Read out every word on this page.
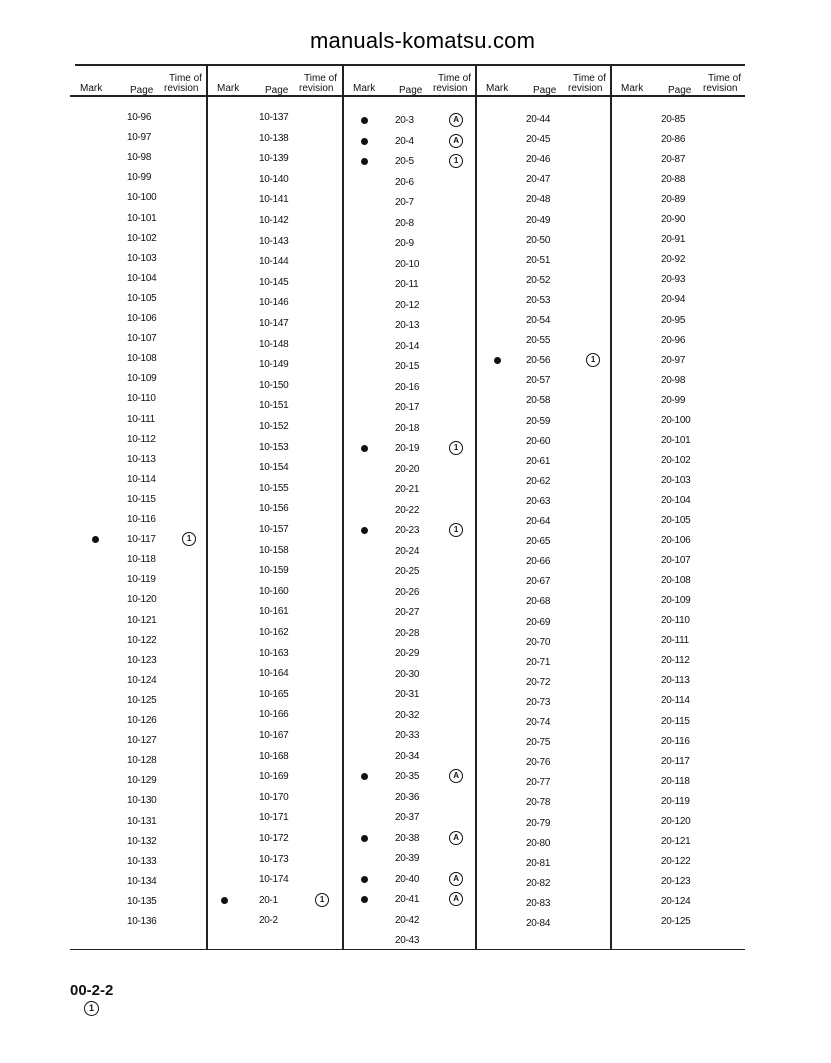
Mark	Page
Time of
revision
10-96
10-97
10-98
10-99
10-100
10-101
10-102
10-103
10-104
10-105
10-106
10-107
10-108
10-109
10-110
10-111
10-112
10-113
10-114
10-115
10-116
10-117	1
10-118
10-119
10-120
10-121
10-122
10-123
10-124
10-125
10-126
10-127
10-128
10-129
10-130
10-131
10-132
10-133
10-134
10-135
10-136
Mark	Page
Time of
revision
10-137
10-138
10-139
10-140
10-141
10-142
10-143
10-144
10-145
10-146
10-147
10-148
10-149
10-150
10-151
10-152
10-153
10-154
10-155
10-156
10-157
10-158
10-159
10-160
10-161
10-162
10-163
10-164
10-165
10-166
10-167
10-168
10-169
10-170
10-171
10-172
10-173
10-174
20-1	1
20-2
Mark Page
Time of
revision
20-3	A
20-4	A
20-5	1
20-6
20-7
20-8
20-9
20-10
20-11
20-12
20-13
20-14
20-15
20-16
20-17
20-18
20-19	1
20-20
20-21
20-22
20-23	1
20-24
20-25
20-26
20-27
20-28
20-29
20-30
20-31
20-32
20-33
20-34
20-35	A
20-36
20-37
20-38	A
20-39
20-40	A
20-41	A
20-42
20-43
Mark Page
Time of
revision
20-44
20-45
20-46
20-47
20-48
20-49
20-50
20-51
20-52
20-53
20-54
20-55
20-56	1
20-57
20-58
20-59
20-60
20-61
20-62
20-63
20-64
20-65
20-66
20-67
20-68
20-69
20-70
20-71
20-72
20-73
20-74
20-75
20-76
20-77
20-78
20-79
20-80
20-81
20-82
20-83
20-84
Mark Page
Time of
revision
20-85
20-86
20-87
20-88
20-89
20-90
20-91
20-92
20-93
20-94
20-95
20-96
20-97
20-98
20-99
20-100
20-101
20-102
20-103
20-104
20-105
20-106
20-107
20-108
20-109
20-110
20-111
20-112
20-113
20-114
20-115
20-116
20-117
20-118
20-119
20-120
20-121
20-122
20-123
20-124
20-125
00-2-2
1
manuals-komatsu.com
